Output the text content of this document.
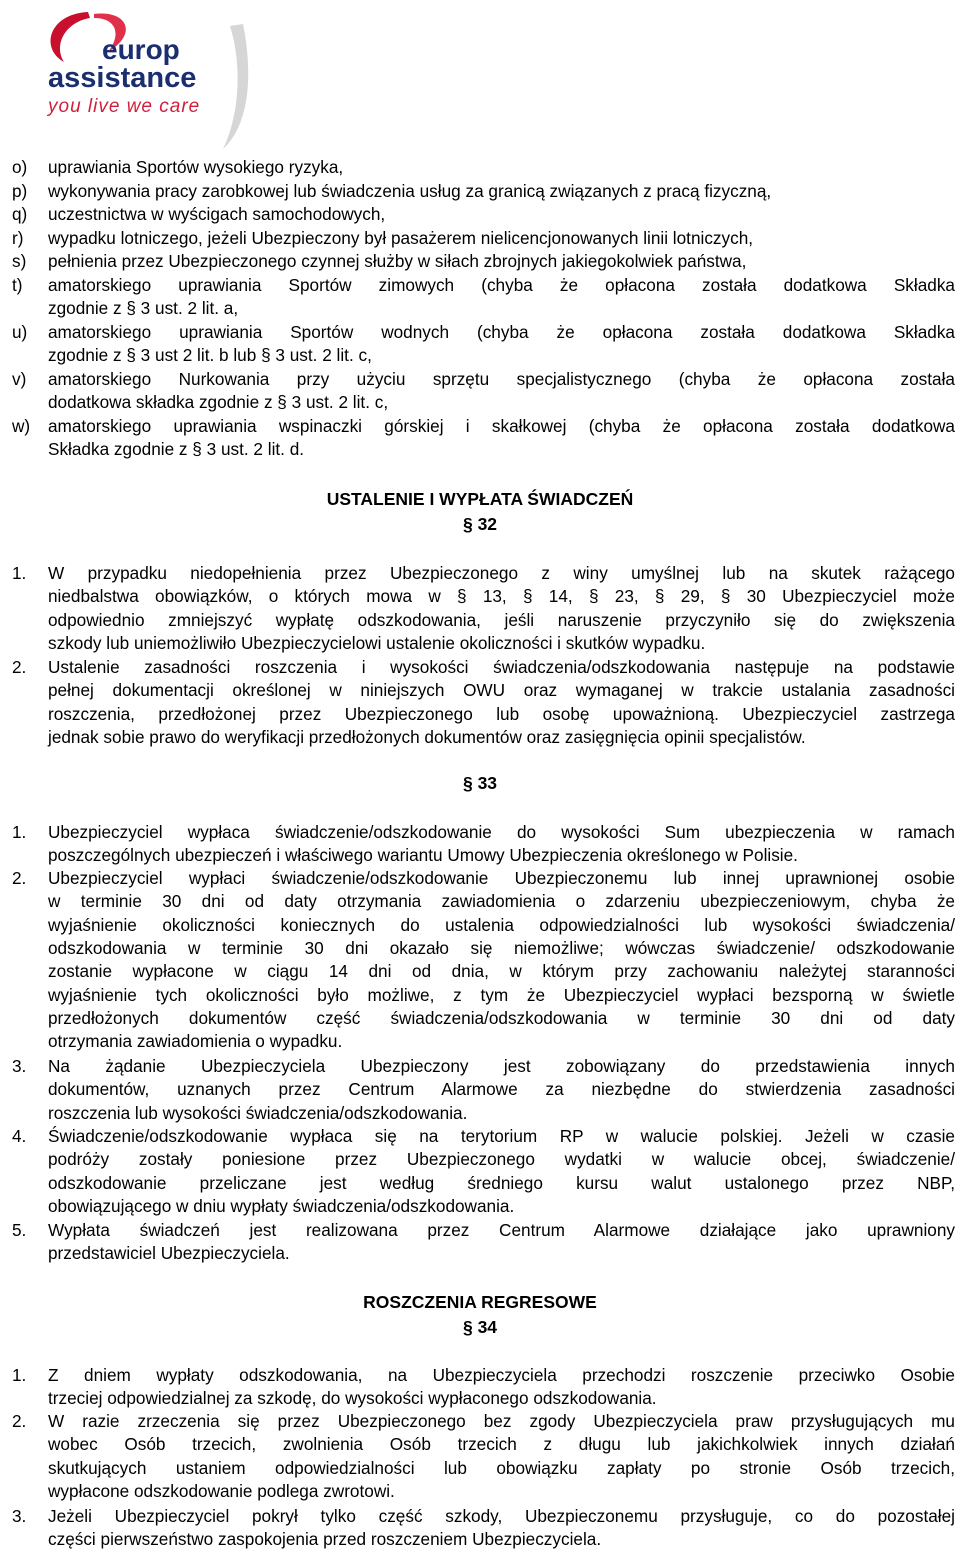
europ
assistance
you live we care
o) uprawiania Sportów wysokiego ryzyka,
p) wykonywania pracy zarobkowej lub świadczenia usług za granicą związanych z pracą fizyczną,
q) uczestnictwa w wyścigach samochodowych,
r) wypadku lotniczego, jeżeli Ubezpieczony był pasażerem nielicencjonowanych linii lotniczych,
s) pełnienia przez Ubezpieczonego czynnej służby w siłach zbrojnych jakiegokolwiek państwa,
t) amatorskiego uprawiania Sportów zimowych (chyba że opłacona została dodatkowa Składka
zgodnie z § 3 ust. 2 lit. a,
u) amatorskiego uprawiania Sportów wodnych (chyba że opłacona została dodatkowa Składka
zgodnie z § 3 ust 2 lit. b lub § 3 ust. 2 lit. c,
v) amatorskiego Nurkowania przy użyciu sprzętu specjalistycznego (chyba że opłacona została
dodatkowa składka zgodnie z § 3 ust. 2 lit. c,
w) amatorskiego uprawiania wspinaczki górskiej i skałkowej (chyba że opłacona została dodatkowa
Składka zgodnie z § 3 ust. 2 lit. d.
USTALENIE I WYPŁATA ŚWIADCZEŃ
§ 32
1. W przypadku niedopełnienia przez Ubezpieczonego z winy umyślnej lub na skutek rażącego
niedbalstwa obowiązków, o których mowa w § 13, § 14, § 23, § 29, § 30 Ubezpieczyciel może
odpowiednio zmniejszyć wypłatę odszkodowania, jeśli naruszenie przyczyniło się do zwiększenia
szkody lub uniemożliwiło Ubezpieczycielowi ustalenie okoliczności i skutków wypadku.
2. Ustalenie zasadności roszczenia i wysokości świadczenia/odszkodowania następuje na podstawie
pełnej dokumentacji określonej w niniejszych OWU oraz wymaganej w trakcie ustalania zasadności
roszczenia, przedłożonej przez Ubezpieczonego lub osobę upoważnioną. Ubezpieczyciel zastrzega
jednak sobie prawo do weryfikacji przedłożonych dokumentów oraz zasięgnięcia opinii specjalistów.
§ 33
1. Ubezpieczyciel wypłaca świadczenie/odszkodowanie do wysokości Sum ubezpieczenia w ramach
poszczególnych ubezpieczeń i właściwego wariantu Umowy Ubezpieczenia określonego w Polisie.
2. Ubezpieczyciel wypłaci świadczenie/odszkodowanie Ubezpieczonemu lub innej uprawnionej osobie
w terminie 30 dni od daty otrzymania zawiadomienia o zdarzeniu ubezpieczeniowym, chyba że
wyjaśnienie okoliczności koniecznych do ustalenia odpowiedzialności lub wysokości świadczenia/
odszkodowania w terminie 30 dni okazało się niemożliwe; wówczas świadczenie/ odszkodowanie
zostanie wypłacone w ciągu 14 dni od dnia, w którym przy zachowaniu należytej staranności
wyjaśnienie tych okoliczności było możliwe, z tym że Ubezpieczyciel wypłaci bezsporną w świetle
przedłożonych dokumentów część świadczenia/odszkodowania w terminie 30 dni od daty
otrzymania zawiadomienia o wypadku.
3. Na żądanie Ubezpieczyciela Ubezpieczony jest zobowiązany do przedstawienia innych
dokumentów, uznanych przez Centrum Alarmowe za niezbędne do stwierdzenia zasadności
roszczenia lub wysokości świadczenia/odszkodowania.
4. Świadczenie/odszkodowanie wypłaca się na terytorium RP w walucie polskiej. Jeżeli w czasie
podróży zostały poniesione przez Ubezpieczonego wydatki w walucie obcej, świadczenie/
odszkodowanie przeliczane jest według średniego kursu walut ustalonego przez NBP,
obowiązującego w dniu wypłaty świadczenia/odszkodowania.
5. Wypłata świadczeń jest realizowana przez Centrum Alarmowe działające jako uprawniony
przedstawiciel Ubezpieczyciela.
ROSZCZENIA REGRESOWE
§ 34
1. Z dniem wypłaty odszkodowania, na Ubezpieczyciela przechodzi roszczenie przeciwko Osobie
trzeciej odpowiedzialnej za szkodę, do wysokości wypłaconego odszkodowania.
2. W razie zrzeczenia się przez Ubezpieczonego bez zgody Ubezpieczyciela praw przysługujących mu
wobec Osób trzecich, zwolnienia Osób trzecich z długu lub jakichkolwiek innych działań
skutkujących ustaniem odpowiedzialności lub obowiązku zapłaty po stronie Osób trzecich,
wypłacone odszkodowanie podlega zwrotowi.
3. Jeżeli Ubezpieczyciel pokrył tylko część szkody, Ubezpieczonemu przysługuje, co do pozostałej
części pierwszeństwo zaspokojenia przed roszczeniem Ubezpieczyciela.
